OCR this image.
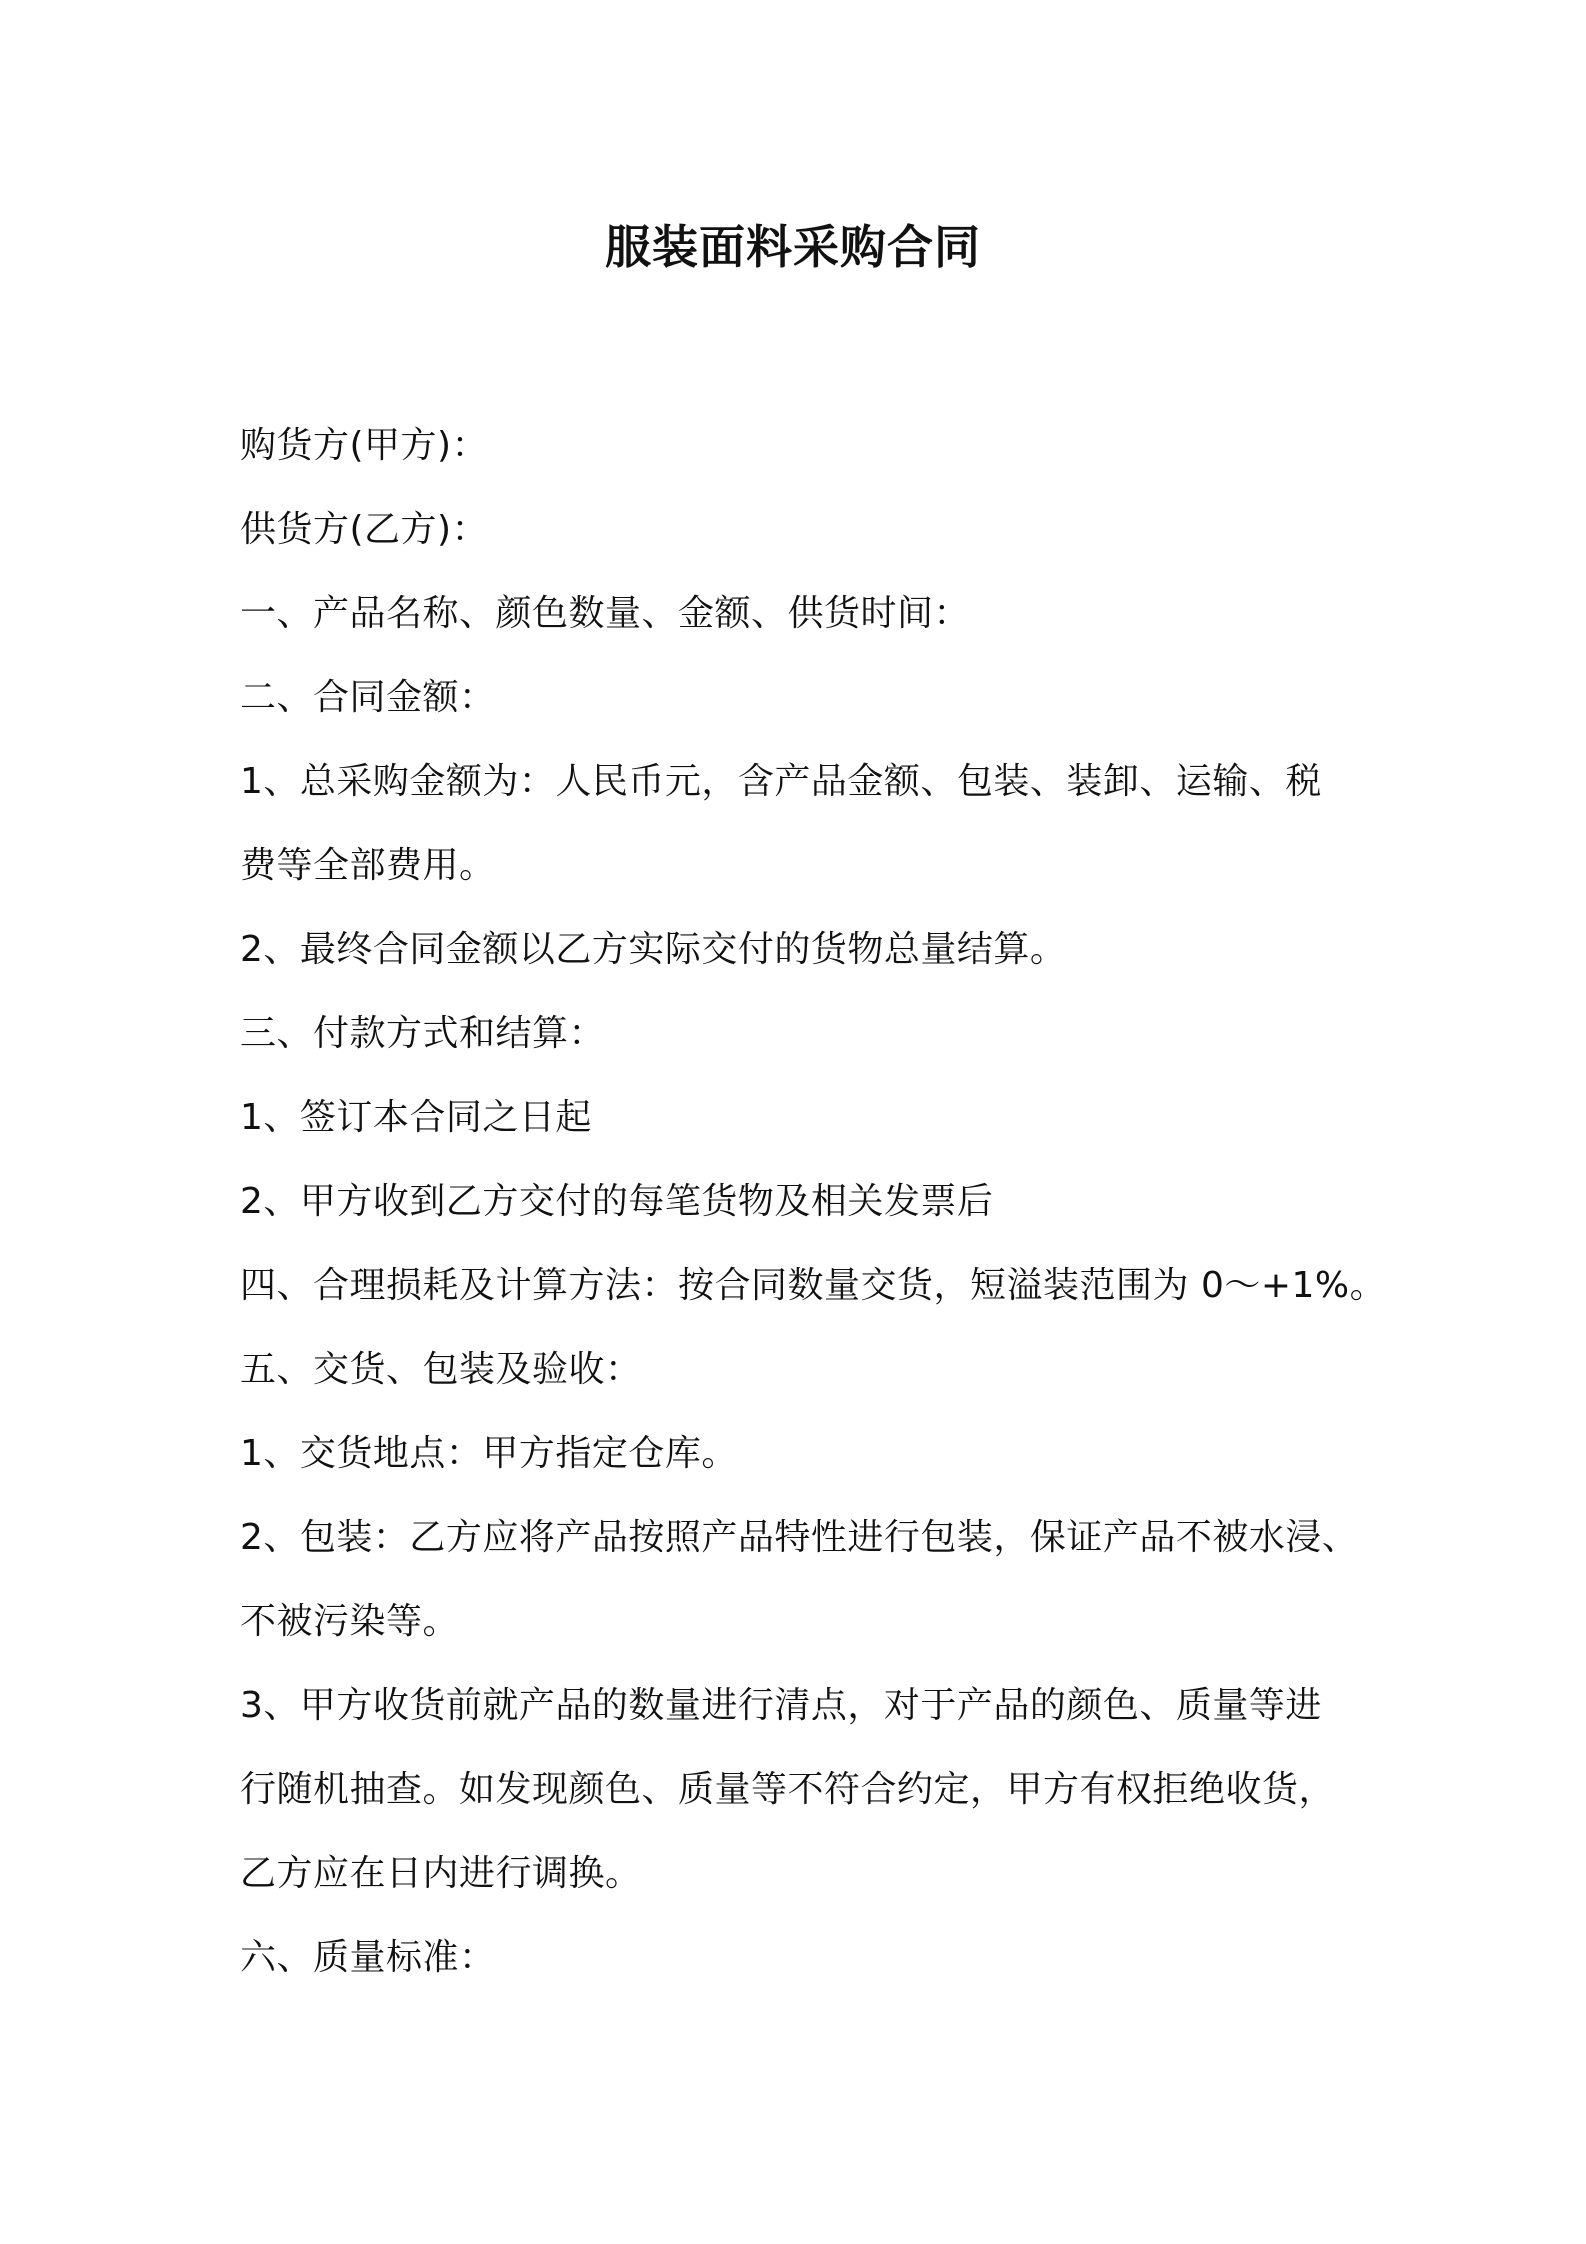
服装面料采购合同
购货方(甲方)：
供货方(乙方)：
一、产品名称、颜色数量、金额、供货时间：
二、合同金额：
1、总采购金额为：人民币元，含产品金额、包装、装卸、运输、税
费等全部费用。
2、最终合同金额以乙方实际交付的货物总量结算。
三、付款方式和结算：
1、签订本合同之日起
2、甲方收到乙方交付的每笔货物及相关发票后
四、合理损耗及计算方法：按合同数量交货，短溢装范围为 0～+1%。
五、交货、包装及验收：
1、交货地点：甲方指定仓库。
2、包装：乙方应将产品按照产品特性进行包装，保证产品不被水浸、
不被污染等。
3、甲方收货前就产品的数量进行清点，对于产品的颜色、质量等进
行随机抽查。如发现颜色、质量等不符合约定，甲方有权拒绝收货，
乙方应在日内进行调换。
六、质量标准：
